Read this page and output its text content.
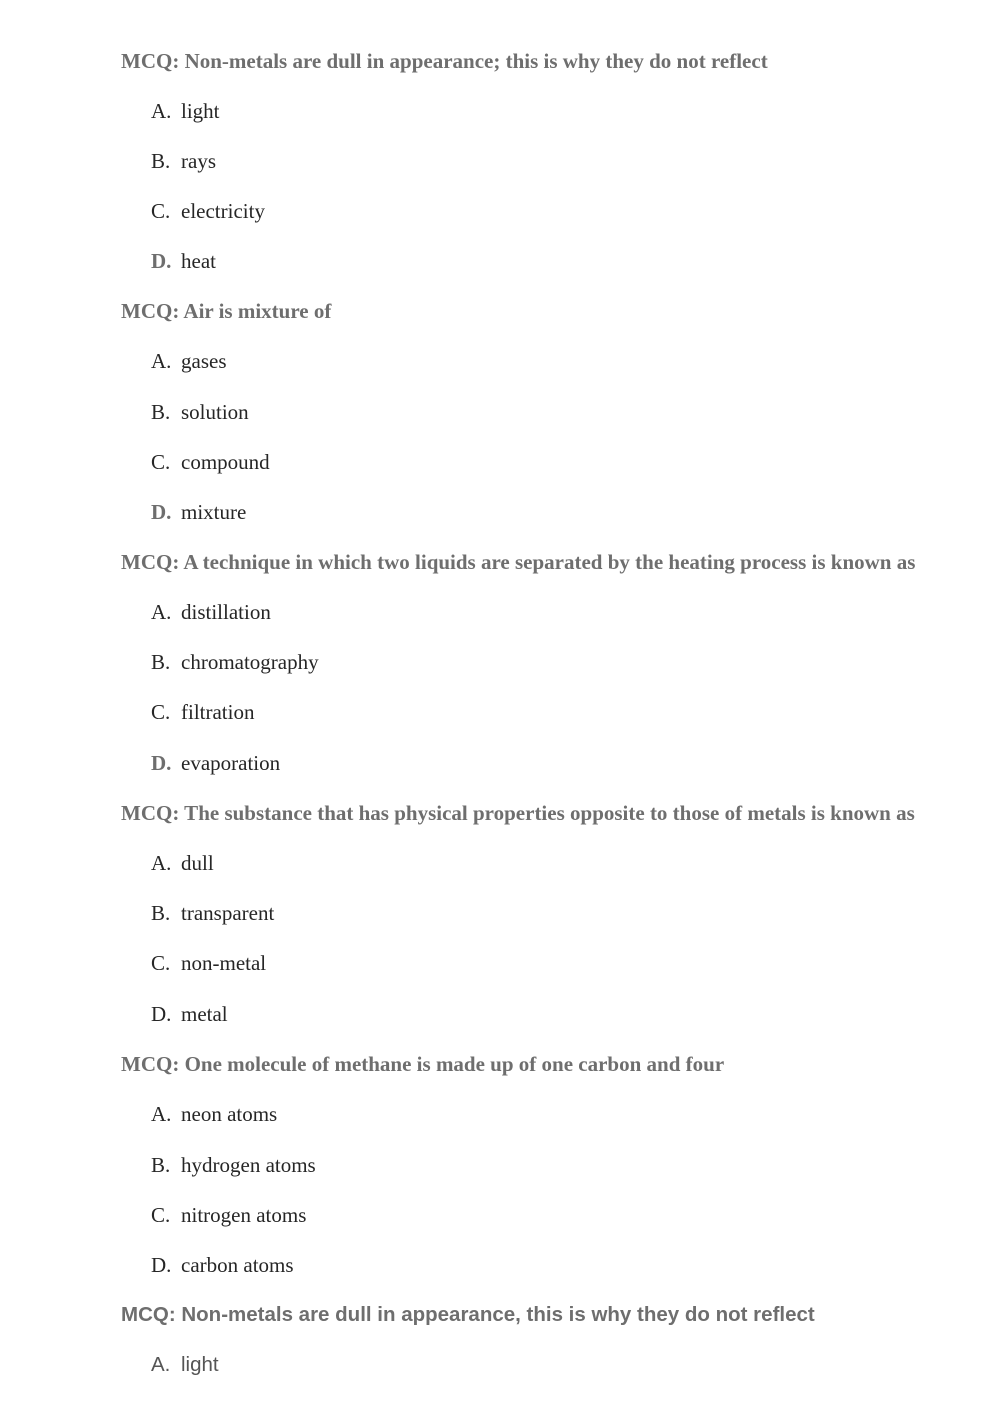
MCQ: Non-metals are dull in appearance; this is why they do not reflect
A. light
B. rays
C. electricity
D. heat
MCQ: Air is mixture of
A. gases
B. solution
C. compound
D. mixture
MCQ: A technique in which two liquids are separated by the heating process is known as
A. distillation
B. chromatography
C. filtration
D. evaporation
MCQ: The substance that has physical properties opposite to those of metals is known as
A. dull
B. transparent
C. non-metal
D. metal
MCQ: One molecule of methane is made up of one carbon and four
A. neon atoms
B. hydrogen atoms
C. nitrogen atoms
D. carbon atoms
MCQ: Non-metals are dull in appearance, this is why they do not reflect
A. light
